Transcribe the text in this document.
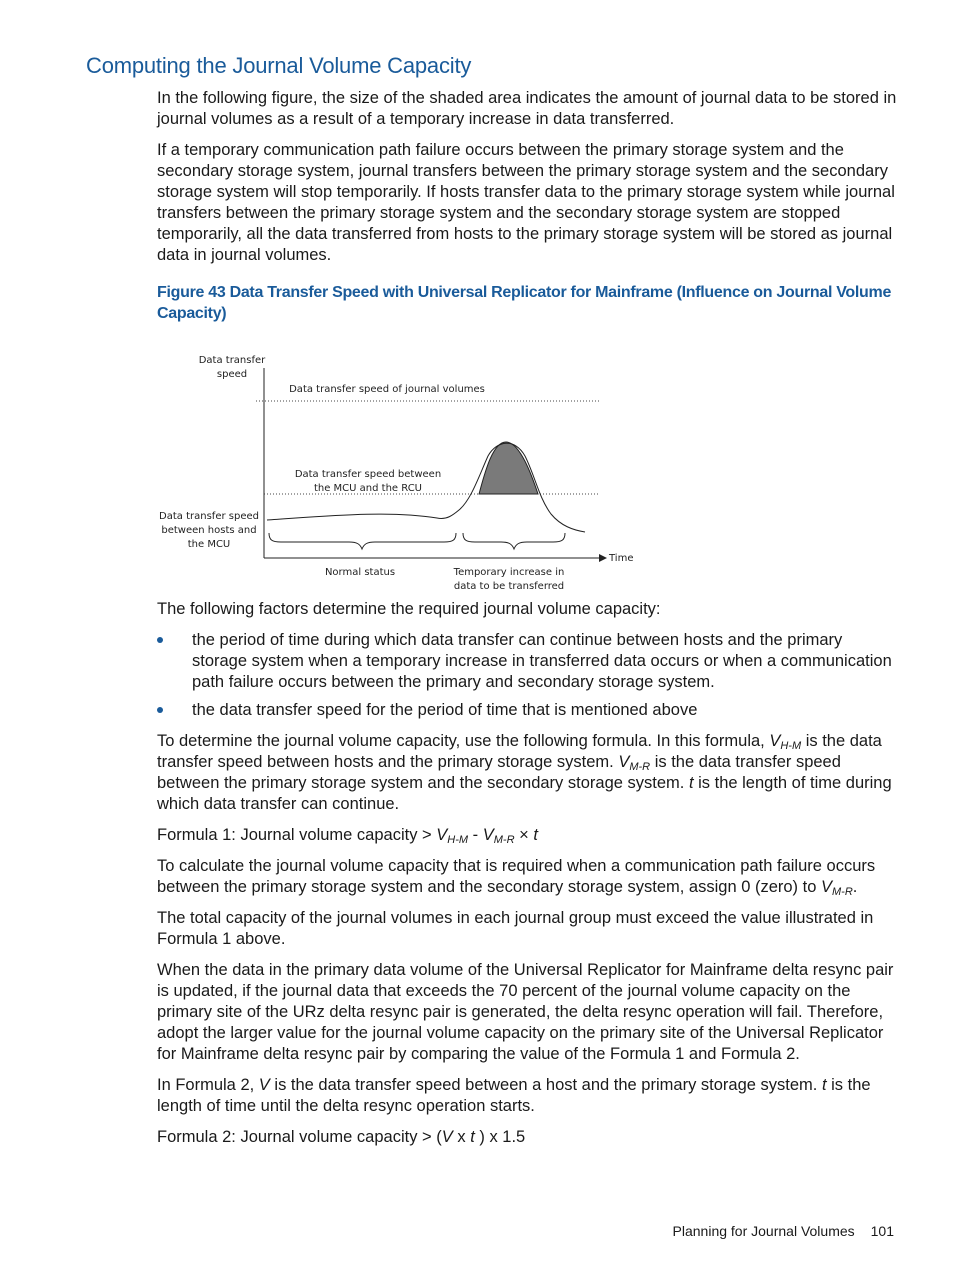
Computing the Journal Volume Capacity

In the following figure, the size of the shaded area indicates the amount of journal data to be stored in journal volumes as a result of a temporary increase in data transferred.

If a temporary communication path failure occurs between the primary storage system and the secondary storage system, journal transfers between the primary storage system and the secondary storage system will stop temporarily. If hosts transfer data to the primary storage system while journal transfers between the primary storage system and the secondary storage system are stopped temporarily, all the data transferred from hosts to the primary storage system will be stored as journal data in journal volumes.

Figure 43 Data Transfer Speed with Universal Replicator for Mainframe (Influence on Journal Volume Capacity)

Data transfer speed
Data transfer speed of journal volumes
Data transfer speed between the MCU and the RCU
Data transfer speed between hosts and the MCU
Time
Normal status	Temporary increase in data to be transferred

The following factors determine the required journal volume capacity:

the period of time during which data transfer can continue between hosts and the primary storage system when a temporary increase in transferred data occurs or when a communication path failure occurs between the primary and secondary storage system.
the data transfer speed for the period of time that is mentioned above

To determine the journal volume capacity, use the following formula. In this formula, $V_{H-M}$ is the data transfer speed between hosts and the primary storage system. $V_{M-R}$ is the data transfer speed between the primary storage system and the secondary storage system. t is the length of time during which data transfer can continue.

Formula 1: Journal volume capacity > $V_{H-M} - V_{M-R} \times t$

To calculate the journal volume capacity that is required when a communication path failure occurs between the primary storage system and the secondary storage system, assign 0 (zero) to $V_{M-R}$.

The total capacity of the journal volumes in each journal group must exceed the value illustrated in Formula 1 above.

When the data in the primary data volume of the Universal Replicator for Mainframe delta resync pair is updated, if the journal data that exceeds the 70 percent of the journal volume capacity on the primary site of the URz delta resync pair is generated, the delta resync operation will fail. Therefore, adopt the larger value for the journal volume capacity on the primary site of the Universal Replicator for Mainframe delta resync pair by comparing the value of the Formula 1 and Formula 2.

In Formula 2, V is the data transfer speed between a host and the primary storage system. t is the length of time until the delta resync operation starts.

Formula 2: Journal volume capacity > (V x t ) x 1.5

Planning for Journal Volumes 101
